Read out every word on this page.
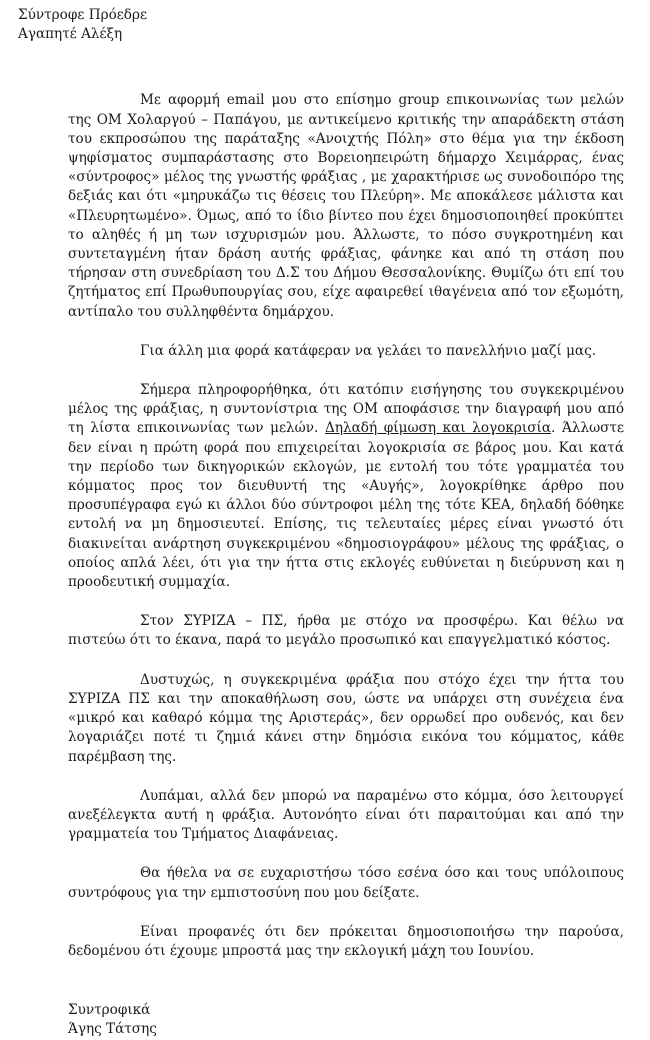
Σύντροφε Πρόεδρε

Αγαπητέ Αλέξη

Με αφορμή email μου στο επίσημο group επικοινωνίας των μελών της ΟΜ Χολαργού – Παπάγου, με αντικείμενο κριτικής την απαράδεκτη στάση του εκπροσώπου της παράταξης «Ανοιχτής Πόλη» στο θέμα για την έκδοση ψηφίσματος συμπαράστασης στο Βορειοηπειρώτη δήμαρχο Χειμάρρας, ένας «σύντροφος» μέλος της γνωστής φράξιας , με χαρακτήρισε ως συνοδοιπόρο της δεξιάς και ότι «μηρυκάζω τις θέσεις του Πλεύρη». Με αποκάλεσε μάλιστα και «Πλευρητωμένο». Όμως, από το ίδιο βίντεο που έχει δημοσιοποιηθεί προκύπτει το αληθές ή μη των ισχυρισμών μου. Άλλωστε, το πόσο συγκροτημένη και συντεταγμένη ήταν δράση αυτής φράξιας, φάνηκε και από τη στάση που τήρησαν στη συνεδρίαση του Δ.Σ του Δήμου Θεσσαλονίκης. Θυμίζω ότι επί του ζητήματος επί Πρωθυπουργίας σου, είχε αφαιρεθεί ιθαγένεια από τον εξωμότη, αντίπαλο του συλληφθέντα δημάρχου.

Για άλλη μια φορά κατάφεραν να γελάει το πανελλήνιο μαζί μας.

Σήμερα πληροφορήθηκα, ότι κατόπιν εισήγησης του συγκεκριμένου μέλος της φράξιας, η συντονίστρια της ΟΜ αποφάσισε την διαγραφή μου από τη λίστα επικοινωνίας των μελών. Δηλαδή φίμωση και λογοκρισία. Άλλωστε δεν είναι η πρώτη φορά που επιχειρείται λογοκρισία σε βάρος μου. Και κατά την περίοδο των δικηγορικών εκλογών, με εντολή του τότε γραμματέα του κόμματος προς τον διευθυντή της «Αυγής», λογοκρίθηκε άρθρο που προσυπέγραφα εγώ κι άλλοι δύο σύντροφοι μέλη της τότε ΚΕΑ, δηλαδή δόθηκε εντολή να μη δημοσιευτεί. Επίσης, τις τελευταίες μέρες είναι γνωστό ότι διακινείται ανάρτηση συγκεκριμένου «δημοσιογράφου» μέλους της φράξιας, ο οποίος απλά λέει, ότι για την ήττα στις εκλογές ευθύνεται η διεύρυνση και η προοδευτική συμμαχία.

Στον ΣΥΡΙΖΑ – ΠΣ, ήρθα με στόχο να προσφέρω. Και θέλω να πιστεύω ότι το έκανα, παρά το μεγάλο προσωπικό και επαγγελματικό κόστος.

Δυστυχώς, η συγκεκριμένα φράξια που στόχο έχει την ήττα του ΣΥΡΙΖΑ ΠΣ και την αποκαθήλωση σου, ώστε να υπάρχει στη συνέχεια ένα «μικρό και καθαρό κόμμα της Αριστεράς», δεν ορρωδεί προ ουδενός, και δεν λογαριάζει ποτέ τι ζημιά κάνει στην δημόσια εικόνα του κόμματος, κάθε παρέμβαση της.

Λυπάμαι, αλλά δεν μπορώ να παραμένω στο κόμμα, όσο λειτουργεί ανεξέλεγκτα αυτή η φράξια. Αυτονόητο είναι ότι παραιτούμαι και από την γραμματεία του Τμήματος Διαφάνειας.

Θα ήθελα να σε ευχαριστήσω τόσο εσένα όσο και τους υπόλοιπους συντρόφους για την εμπιστοσύνη που μου δείξατε.

Είναι προφανές ότι δεν πρόκειται δημοσιοποιήσω την παρούσα, δεδομένου ότι έχουμε μπροστά μας την εκλογική μάχη του Ιουνίου.

Συντροφικά

Άγης Τάτσης
